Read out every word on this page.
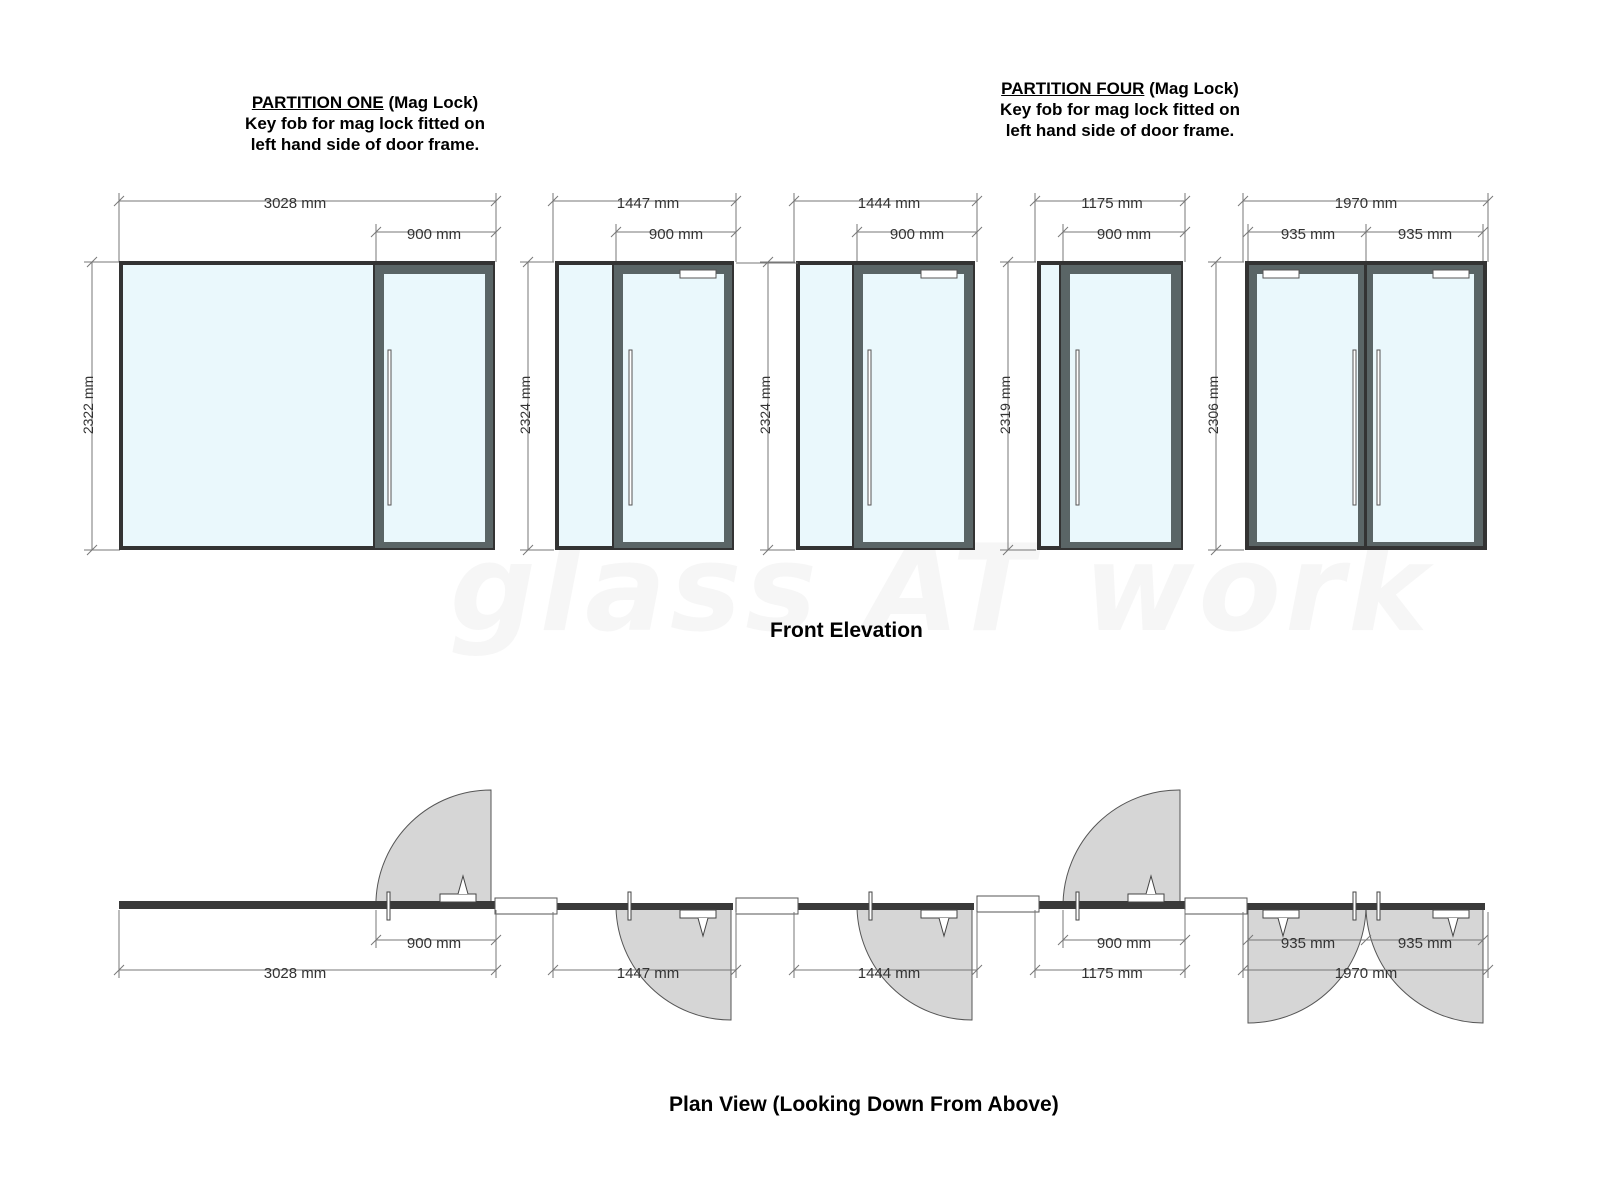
PARTITION ONE (Mag Lock)
Key fob for mag lock fitted on
left hand side of door frame.
PARTITION FOUR (Mag Lock)
Key fob for mag lock fitted on
left hand side of door frame.
Front Elevation
Plan View (Looking Down From Above)
3028 mm
900 mm
2322 mm
1447 mm
900 mm
2324 mm
1444 mm
900 mm
2324 mm
1175 mm
900 mm
2319 mm
1970 mm
935 mm	935 mm
2306 mm
900 mm
3028 mm	1447 mm	1444 mm
900 mm
1175 mm
935 mm	935 mm
1970 mm
